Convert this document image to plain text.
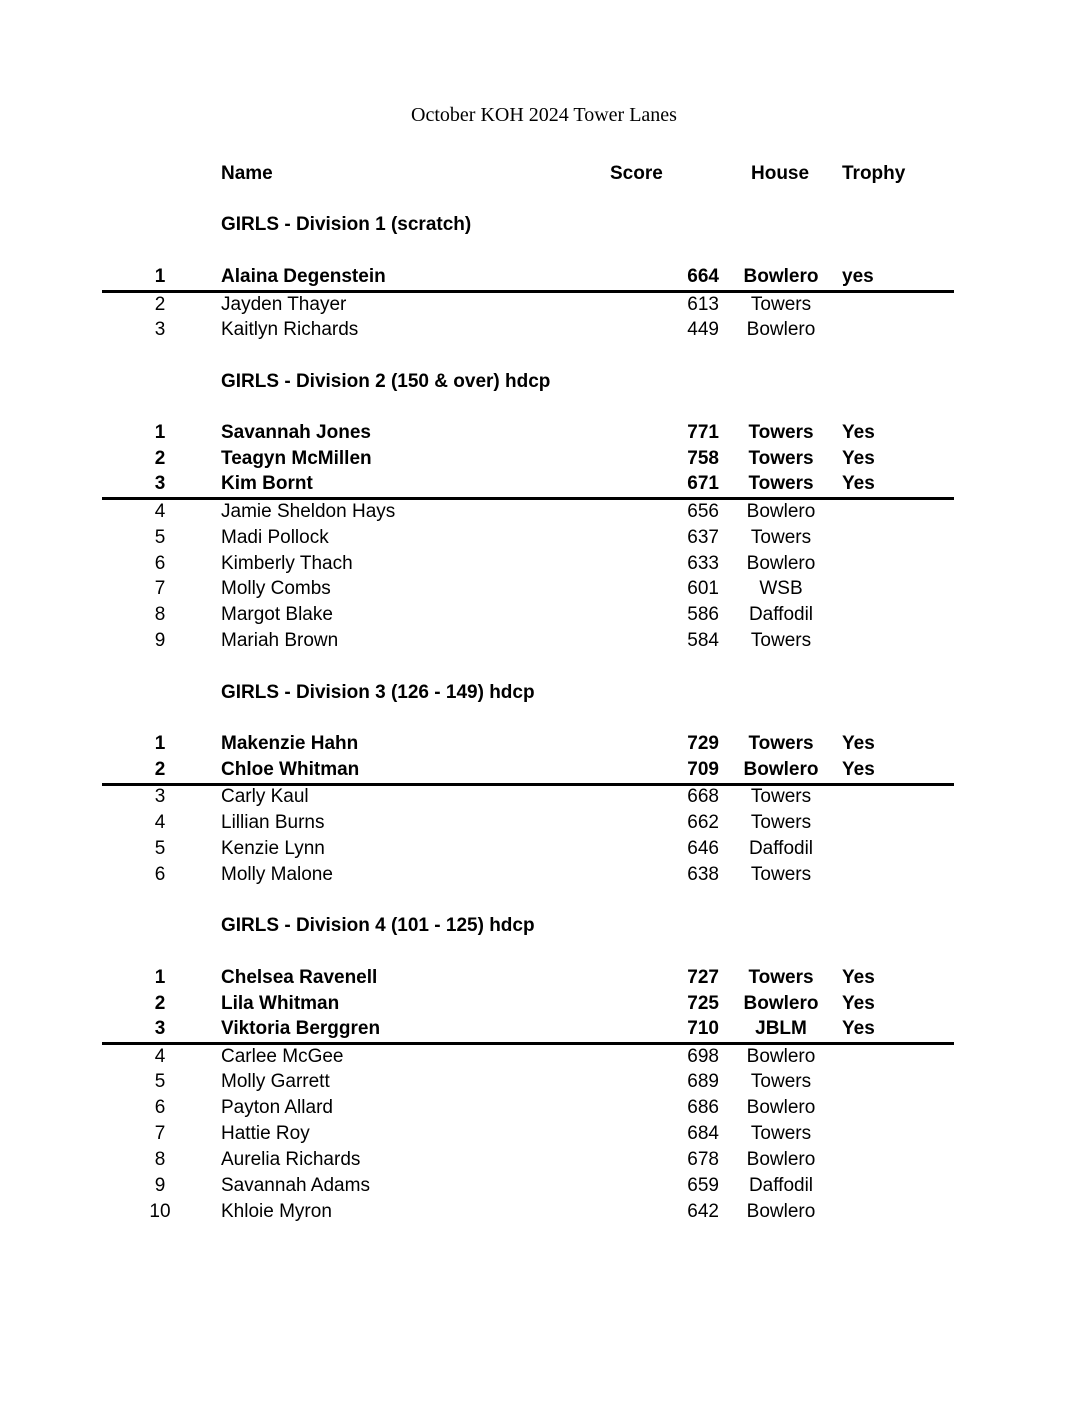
October KOH 2024 Tower Lanes
Name	Score	House Trophy
GIRLS - Division 1 (scratch)
1	Alaina Degenstein	664	Bowlero	yes
2	Jayden Thayer	613	Towers
3	Kaitlyn Richards	449	Bowlero
GIRLS - Division 2 (150 & over) hdcp
1	Savannah Jones	771	Towers	Yes
2	Teagyn McMillen	758	Towers	Yes
3	Kim Bornt	671	Towers	Yes
4	Jamie Sheldon Hays	656	Bowlero
5	Madi Pollock	637	Towers
6	Kimberly Thach	633	Bowlero
7	Molly Combs	601	WSB
8	Margot Blake	586	Daffodil
9	Mariah Brown	584	Towers
GIRLS - Division 3 (126 - 149) hdcp
1	Makenzie Hahn	729	Towers	Yes
2	Chloe Whitman	709	Bowlero	Yes
3	Carly Kaul	668	Towers
4	Lillian Burns	662	Towers
5	Kenzie Lynn	646	Daffodil
6	Molly Malone	638	Towers
GIRLS - Division 4 (101 - 125) hdcp
1	Chelsea Ravenell	727	Towers	Yes
2	Lila Whitman	725	Bowlero	Yes
3	Viktoria Berggren	710	JBLM	Yes
4	Carlee McGee	698	Bowlero
5	Molly Garrett	689	Towers
6	Payton Allard	686	Bowlero
7	Hattie Roy	684	Towers
8	Aurelia Richards	678	Bowlero
9	Savannah Adams	659	Daffodil
10	Khloie Myron	642	Bowlero
